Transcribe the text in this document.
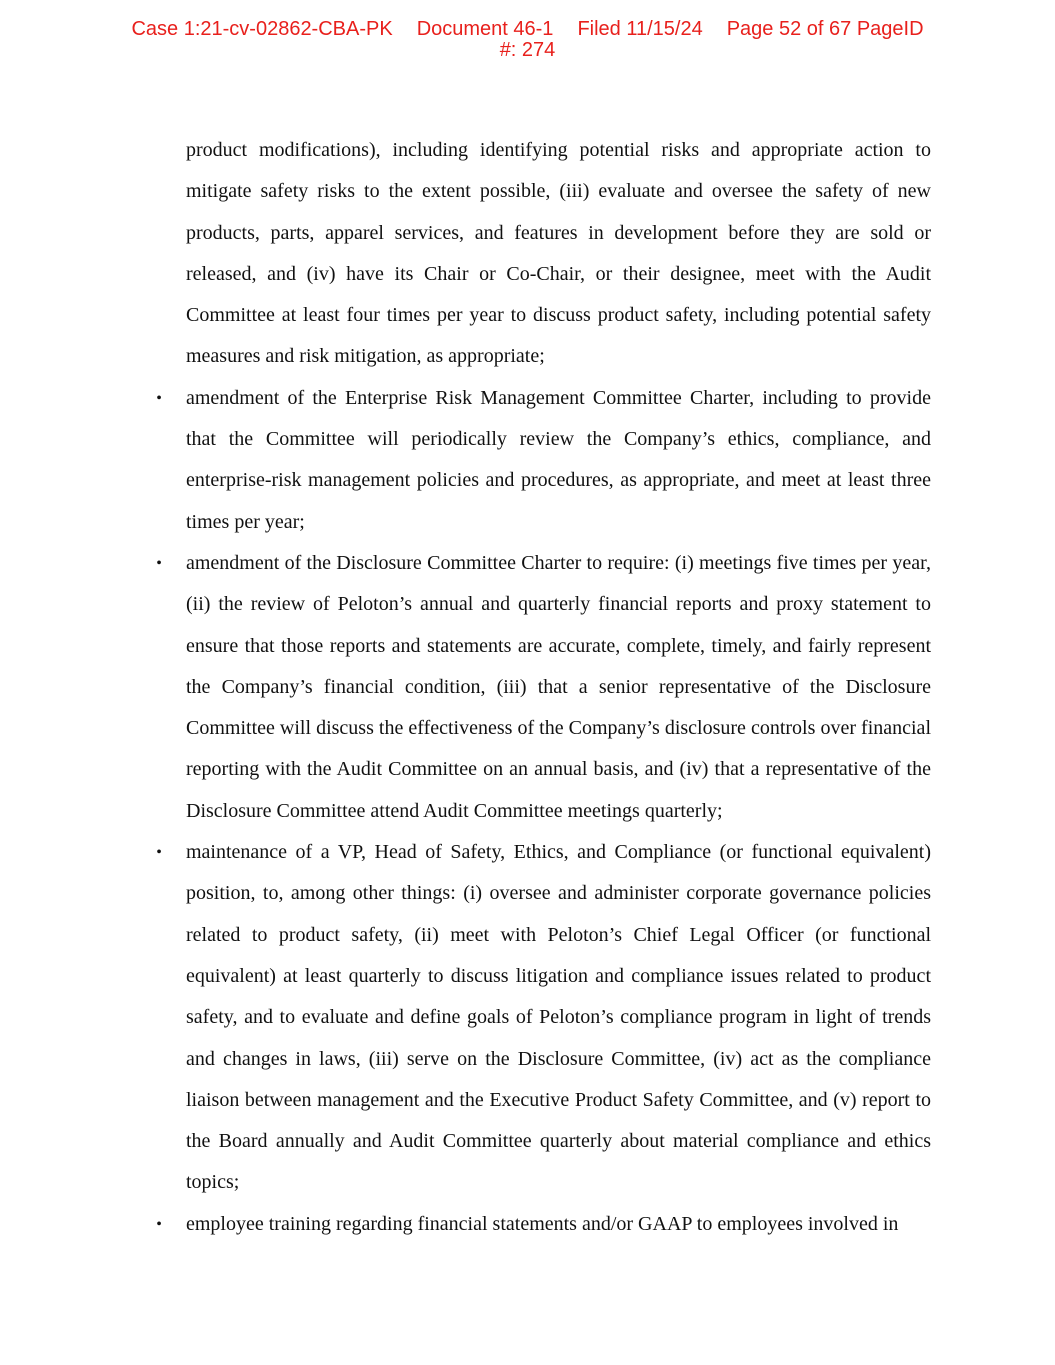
Case 1:21-cv-02862-CBA-PK Document 46-1 Filed 11/15/24 Page 52 of 67 PageID
#: 274

product modifications), including identifying potential risks and appropriate action to mitigate safety risks to the extent possible, (iii) evaluate and oversee the safety of new products, parts, apparel services, and features in development before they are sold or released, and (iv) have its Chair or Co-Chair, or their designee, meet with the Audit Committee at least four times per year to discuss product safety, including potential safety measures and risk mitigation, as appropriate;

• amendment of the Enterprise Risk Management Committee Charter, including to provide that the Committee will periodically review the Company’s ethics, compliance, and enterprise-risk management policies and procedures, as appropriate, and meet at least three times per year;
• amendment of the Disclosure Committee Charter to require: (i) meetings five times per year, (ii) the review of Peloton’s annual and quarterly financial reports and proxy statement to ensure that those reports and statements are accurate, complete, timely, and fairly represent the Company’s financial condition, (iii) that a senior representative of the Disclosure Committee will discuss the effectiveness of the Company’s disclosure controls over financial reporting with the Audit Committee on an annual basis, and (iv) that a representative of the Disclosure Committee attend Audit Committee meetings quarterly;
• maintenance of a VP, Head of Safety, Ethics, and Compliance (or functional equivalent) position, to, among other things: (i) oversee and administer corporate governance policies related to product safety, (ii) meet with Peloton’s Chief Legal Officer (or functional equivalent) at least quarterly to discuss litigation and compliance issues related to product safety, and to evaluate and define goals of Peloton’s compliance program in light of trends and changes in laws, (iii) serve on the Disclosure Committee, (iv) act as the compliance liaison between management and the Executive Product Safety Committee, and (v) report to the Board annually and Audit Committee quarterly about material compliance and ethics topics;
• employee training regarding financial statements and/or GAAP to employees involved in
